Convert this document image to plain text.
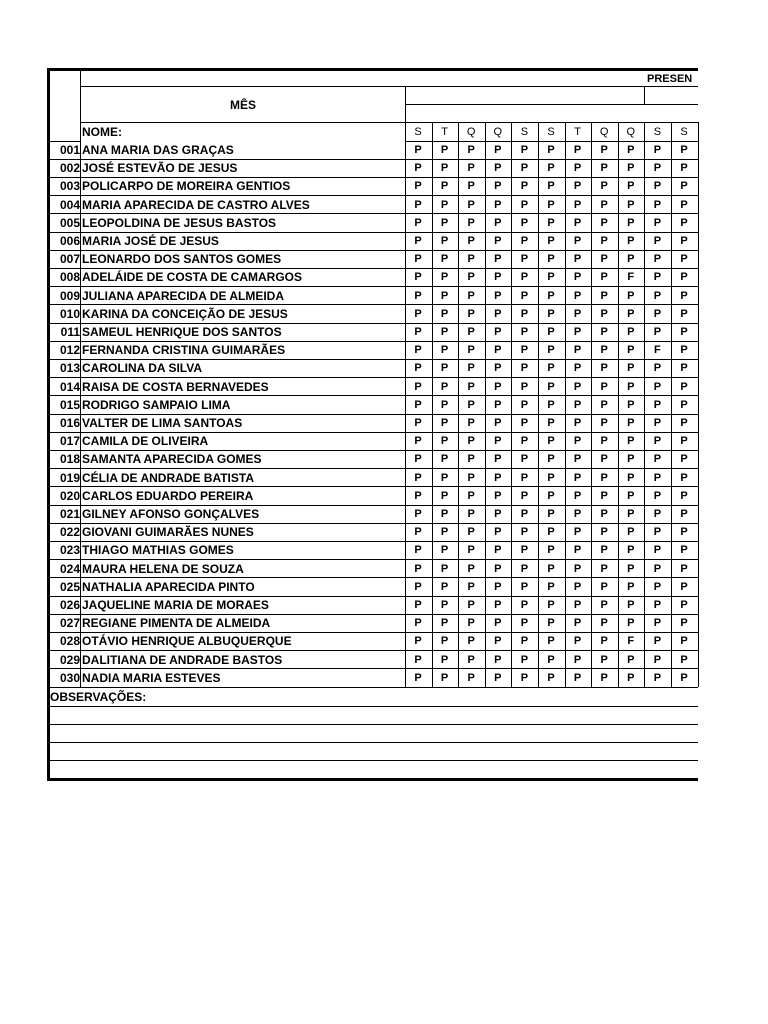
PRESEN
MÊS
NOME:	S	T	Q	Q	S	S	T	Q	Q	S	S
001 ANA MARIA DAS GRAÇAS	P	P	P	P	P	P	P	P	P	P	P
002 JOSÉ ESTEVÃO DE JESUS	P	P	P	P	P	P	P	P	P	P	P
003 POLICARPO DE MOREIRA GENTIOS	P	P	P	P	P	P	P	P	P	P	P
004 MARIA APARECIDA DE CASTRO ALVES	P	P	P	P	P	P	P	P	P	P	P
005 LEOPOLDINA DE JESUS BASTOS	P	P	P	P	P	P	P	P	P	P	P
006 MARIA JOSÉ DE JESUS	P	P	P	P	P	P	P	P	P	P	P
007 LEONARDO DOS SANTOS GOMES	P	P	P	P	P	P	P	P	P	P	P
008 ADELÁIDE DE COSTA DE CAMARGOS	P	P	P	P	P	P	P	P	F	P	P
009 JULIANA APARECIDA DE ALMEIDA	P	P	P	P	P	P	P	P	P	P	P
010 KARINA DA CONCEIÇÃO DE JESUS	P	P	P	P	P	P	P	P	P	P	P
011 SAMEUL HENRIQUE DOS SANTOS	P	P	P	P	P	P	P	P	P	P	P
012 FERNANDA CRISTINA GUIMARÃES	P	P	P	P	P	P	P	P	P	F	P
013 CAROLINA DA SILVA	P	P	P	P	P	P	P	P	P	P	P
014 RAISA DE COSTA BERNAVEDES	P	P	P	P	P	P	P	P	P	P	P
015 RODRIGO SAMPAIO LIMA	P	P	P	P	P	P	P	P	P	P	P
016 VALTER DE LIMA SANTOAS	P	P	P	P	P	P	P	P	P	P	P
017 CAMILA DE OLIVEIRA	P	P	P	P	P	P	P	P	P	P	P
018 SAMANTA APARECIDA GOMES	P	P	P	P	P	P	P	P	P	P	P
019 CÉLIA DE ANDRADE BATISTA	P	P	P	P	P	P	P	P	P	P	P
020 CARLOS EDUARDO PEREIRA	P	P	P	P	P	P	P	P	P	P	P
021 GILNEY AFONSO GONÇALVES	P	P	P	P	P	P	P	P	P	P	P
022 GIOVANI GUIMARÃES NUNES	P	P	P	P	P	P	P	P	P	P	P
023 THIAGO MATHIAS GOMES	P	P	P	P	P	P	P	P	P	P	P
024 MAURA HELENA DE SOUZA	P	P	P	P	P	P	P	P	P	P	P
025 NATHALIA APARECIDA PINTO	P	P	P	P	P	P	P	P	P	P	P
026 JAQUELINE MARIA DE MORAES	P	P	P	P	P	P	P	P	P	P	P
027 REGIANE PIMENTA DE ALMEIDA	P	P	P	P	P	P	P	P	P	P	P
028 OTÁVIO HENRIQUE ALBUQUERQUE	P	P	P	P	P	P	P	P	F	P	P
029 DALITIANA DE ANDRADE BASTOS	P	P	P	P	P	P	P	P	P	P	P
030 NADIA MARIA ESTEVES	P	P	P	P	P	P	P	P	P	P	P
OBSERVAÇÕES:
